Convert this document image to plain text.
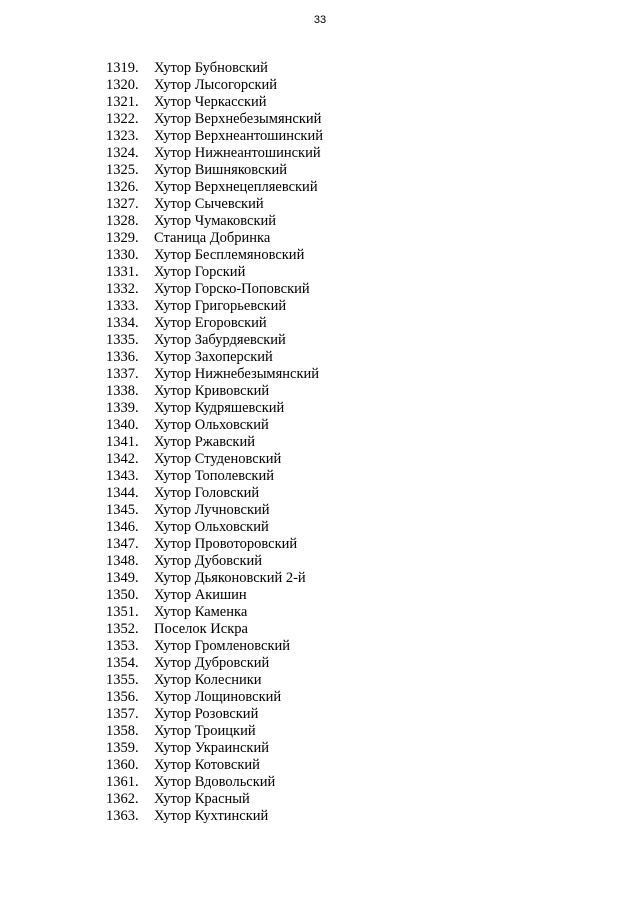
33
1319.	Хутор Бубновский
1320.	Хутор Лысогорский
1321.	Хутор Черкасский
1322.	Хутор Верхнебезымянский
1323.	Хутор Верхнеантошинский
1324.	Хутор Нижнеантошинский
1325.	Хутор Вишняковский
1326.	Хутор Верхнецепляевский
1327.	Хутор Сычевский
1328.	Хутор Чумаковский
1329.	Станица Добринка
1330.	Хутор Бесплемяновский
1331.	Хутор Горский
1332.	Хутор Горско-Поповский
1333.	Хутор Григорьевский
1334.	Хутор Егоровский
1335.	Хутор Забурдяевский
1336.	Хутор Захоперский
1337.	Хутор Нижнебезымянский
1338.	Хутор Кривовский
1339.	Хутор Кудряшевский
1340.	Хутор Ольховский
1341.	Хутор Ржавский
1342.	Хутор Студеновский
1343.	Хутор Тополевский
1344.	Хутор Головский
1345.	Хутор Лучновский
1346.	Хутор Ольховский
1347.	Хутор Провоторовский
1348.	Хутор Дубовский
1349.	Хутор Дьяконовский 2-й
1350.	Хутор Акишин
1351.	Хутор Каменка
1352.	Поселок Искра
1353.	Хутор Громленовский
1354.	Хутор Дубровский
1355.	Хутор Колесники
1356.	Хутор Лощиновский
1357.	Хутор Розовский
1358.	Хутор Троицкий
1359.	Хутор Украинский
1360.	Хутор Котовский
1361.	Хутор Вдовольский
1362.	Хутор Красный
1363.	Хутор Кухтинский
